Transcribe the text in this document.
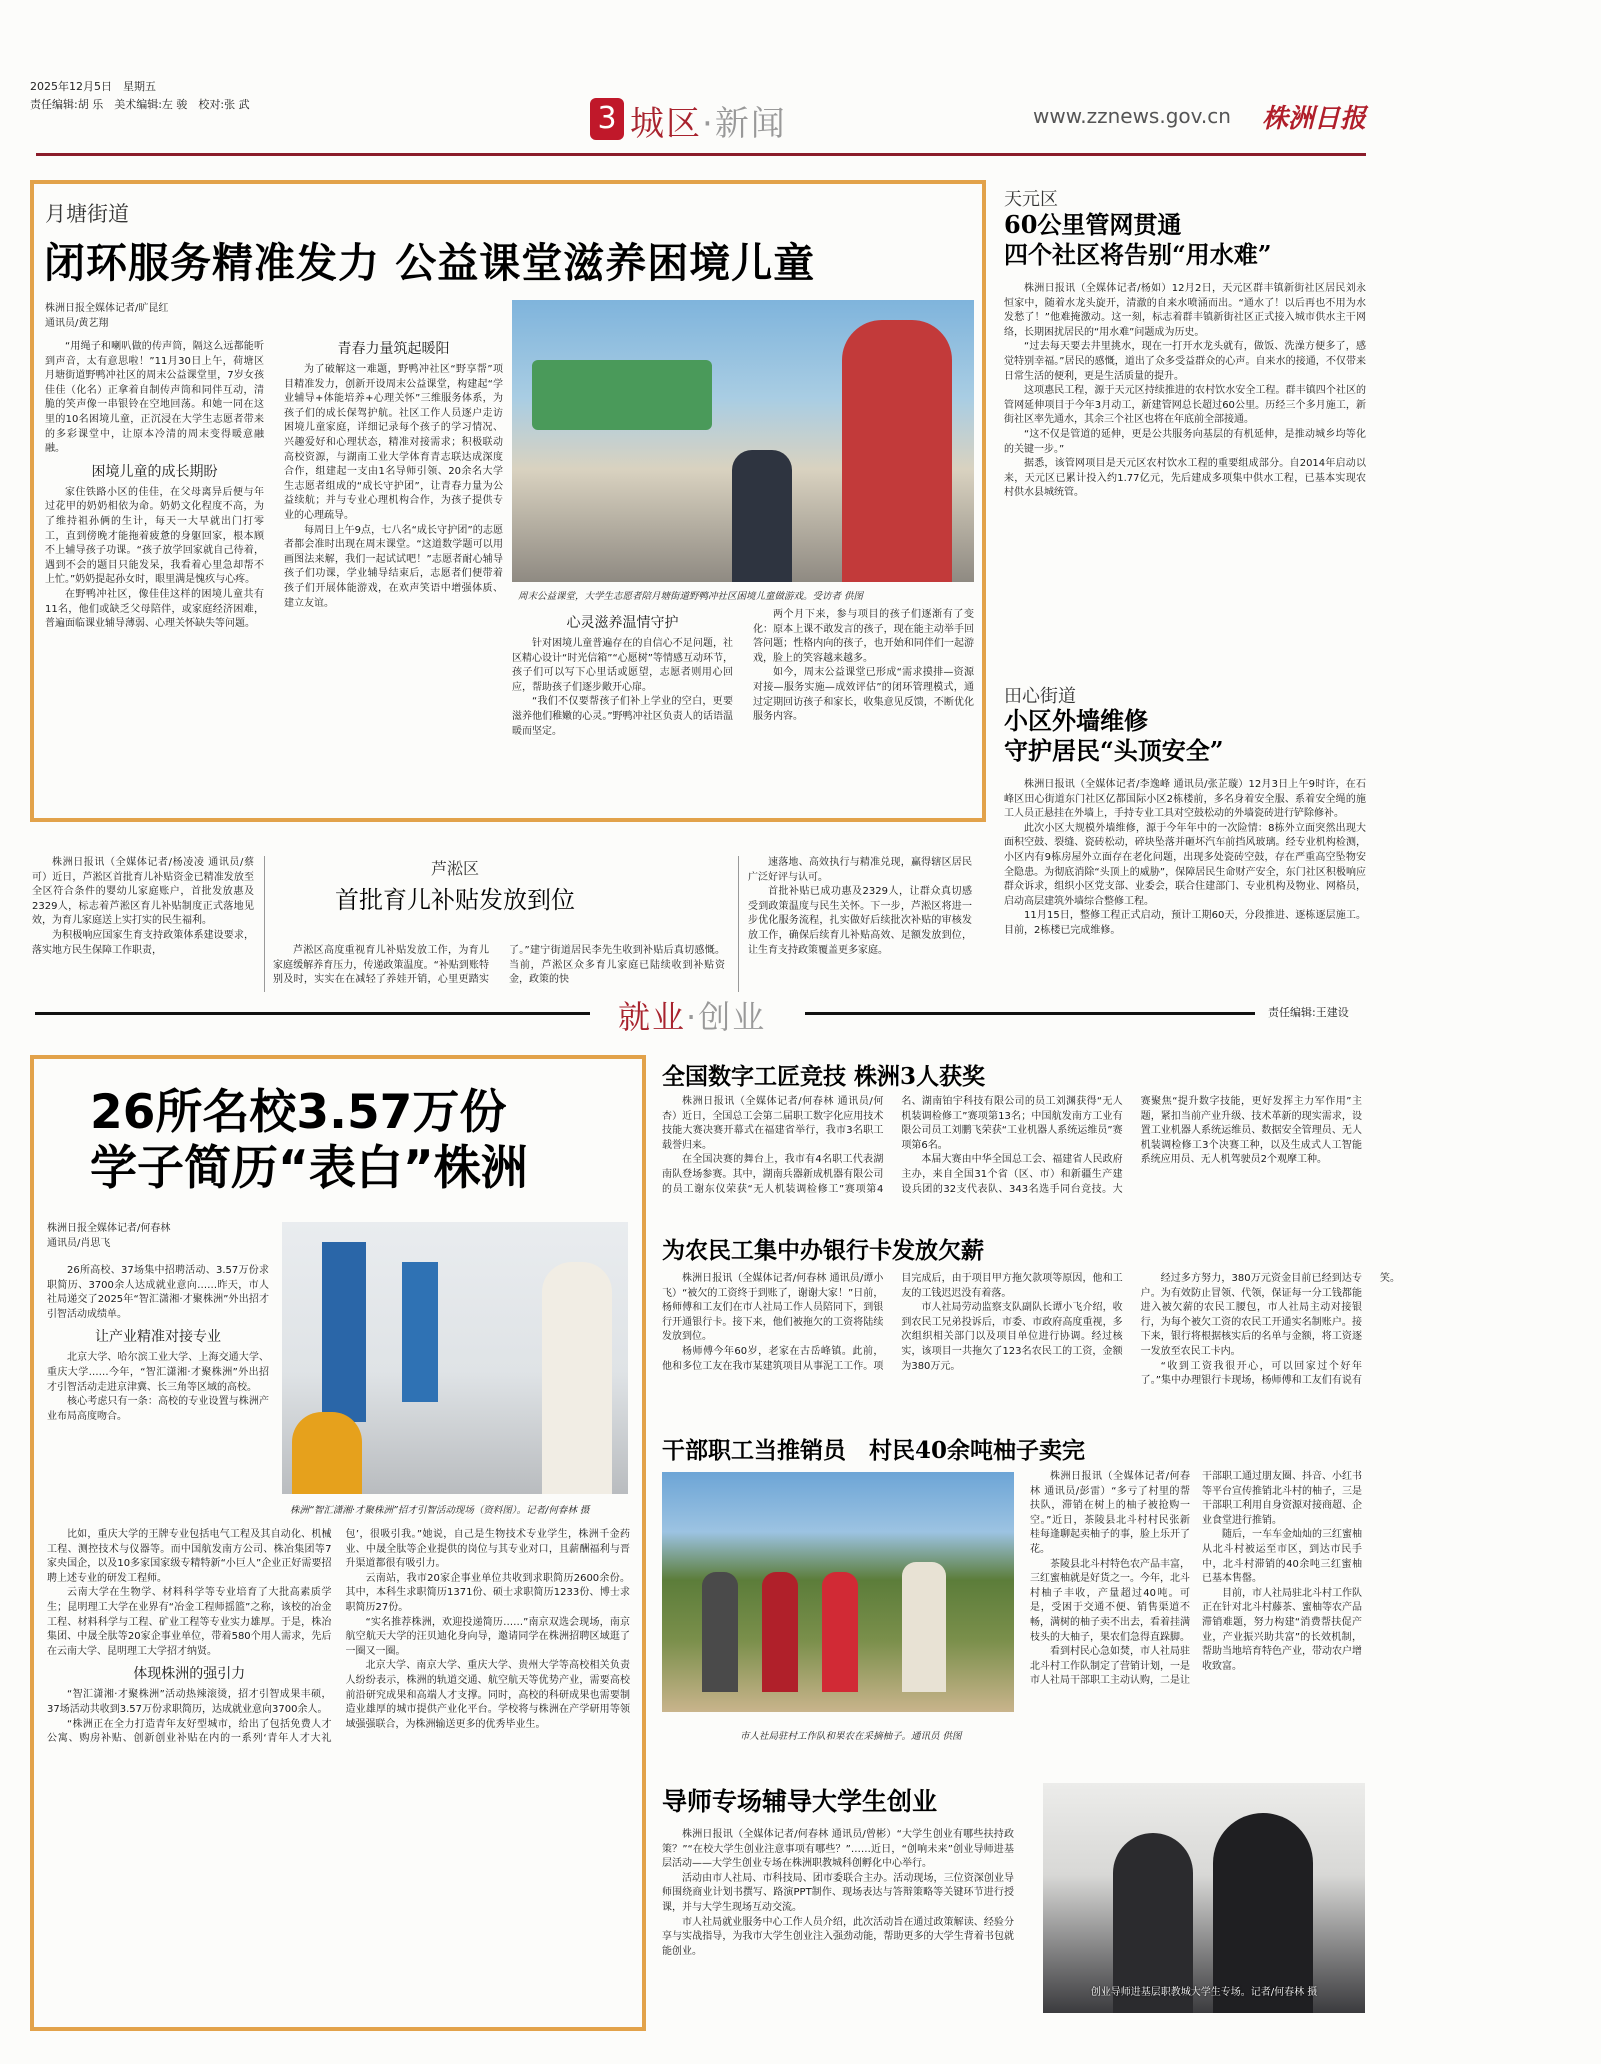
2025年12月5日　星期五
责任编辑:胡 乐　美术编辑:左 骏　校对:张 武	3 城区·新闻	www.zznews.gov.cn 株洲日报
月塘街道
闭环服务精准发力 公益课堂滋养困境儿童
株洲日报全媒体记者/旷昆红
通讯员/黄艺翔

“用绳子和喇叭做的传声筒，隔这么远都能听到声音，太有意思啦！”11月30日上午，荷塘区月塘街道野鸭冲社区的周末公益课堂里，7岁女孩佳佳（化名）正拿着自制传声筒和同伴互动，清脆的笑声像一串银铃在空地回荡。和她一同在这里的10名困境儿童，正沉浸在大学生志愿者带来的多彩课堂中，让原本冷清的周末变得暖意融融。

困境儿童的成长期盼

家住铁路小区的佳佳，在父母离异后便与年过花甲的奶奶相依为命。奶奶文化程度不高，为了维持祖孙俩的生计，每天一大早就出门打零工，直到傍晚才能拖着疲惫的身躯回家，根本顾不上辅导孩子功课。“孩子放学回家就自己待着，遇到不会的题目只能发呆，我看着心里急却帮不上忙。”奶奶提起孙女时，眼里满是愧疚与心疼。

在野鸭冲社区，像佳佳这样的困境儿童共有11名，他们或缺乏父母陪伴，或家庭经济困难，普遍面临课业辅导薄弱、心理关怀缺失等问题。

青春力量筑起暖阳

为了破解这一难题，野鸭冲社区“野享帮”项目精准发力，创新开设周末公益课堂，构建起“学业辅导+体能培养+心理关怀”三维服务体系，为孩子们的成长保驾护航。社区工作人员逐户走访困境儿童家庭，详细记录每个孩子的学习情况、兴趣爱好和心理状态，精准对接需求；积极联动高校资源，与湖南工业大学体育青志联达成深度合作，组建起一支由1名导师引领、20余名大学生志愿者组成的“成长守护团”，让青春力量为公益续航；并与专业心理机构合作，为孩子提供专业的心理疏导。

每周日上午9点，七八名“成长守护团”的志愿者都会准时出现在周末课堂。“这道数学题可以用画图法来解，我们一起试试吧！”志愿者耐心辅导孩子们功课，学业辅导结束后，志愿者们便带着孩子们开展体能游戏，在欢声笑语中增强体质、建立友谊。

周末公益课堂，大学生志愿者陪月塘街道野鸭冲社区困境儿童做游戏。受访者 供图
心灵滋养温情守护

针对困境儿童普遍存在的自信心不足问题，社区精心设计“时光信箱”“心愿树”等情感互动环节，孩子们可以写下心里话或愿望，志愿者则用心回应，帮助孩子们逐步敞开心扉。

“我们不仅要帮孩子们补上学业的空白，更要滋养他们稚嫩的心灵。”野鸭冲社区负责人的话语温暖而坚定。

两个月下来，参与项目的孩子们逐渐有了变化：原本上课不敢发言的孩子，现在能主动举手回答问题；性格内向的孩子，也开始和同伴们一起游戏，脸上的笑容越来越多。

如今，周末公益课堂已形成“需求摸排—资源对接—服务实施—成效评估”的闭环管理模式，通过定期回访孩子和家长，收集意见反馈，不断优化服务内容。

天元区
60公里管网贯通
四个社区将告别“用水难”

株洲日报讯（全媒体记者/杨如）12月2日，天元区群丰镇新街社区居民刘永恒家中，随着水龙头旋开，清澈的自来水喷涌而出。“通水了！以后再也不用为水发愁了！”他难掩激动。这一刻，标志着群丰镇新街社区正式接入城市供水主干网络，长期困扰居民的“用水难”问题成为历史。

“过去每天要去井里挑水，现在一打开水龙头就有，做饭、洗澡方便多了，感觉特别幸福。”居民的感慨，道出了众多受益群众的心声。自来水的接通，不仅带来日常生活的便利，更是生活质量的提升。

这项惠民工程，源于天元区持续推进的农村饮水安全工程。群丰镇四个社区的管网延伸项目于今年3月动工，新建管网总长超过60公里。历经三个多月施工，新街社区率先通水，其余三个社区也将在年底前全部接通。

“这不仅是管道的延伸，更是公共服务向基层的有机延伸，是推动城乡均等化的关键一步。”

据悉，该管网项目是天元区农村饮水工程的重要组成部分。自2014年启动以来，天元区已累计投入约1.77亿元，先后建成多项集中供水工程，已基本实现农村供水县城统管。

田心街道
小区外墙维修
守护居民“头顶安全”

株洲日报讯（全媒体记者/李逸峰 通讯员/张芷璇）12月3日上午9时许，在石峰区田心街道东门社区亿都国际小区2栋楼前，多名身着安全服、系着安全绳的施工人员正悬挂在外墙上，手持专业工具对空鼓松动的外墙瓷砖进行铲除修补。

此次小区大规模外墙维修，源于今年年中的一次险情：8栋外立面突然出现大面积空鼓、裂缝、瓷砖松动，碎块坠落并砸坏汽车前挡风玻璃。经专业机构检测，小区内有9栋房屋外立面存在老化问题，出现多处瓷砖空鼓，存在严重高空坠物安全隐患。为彻底消除“头顶上的威胁”，保障居民生命财产安全，东门社区积极响应群众诉求，组织小区党支部、业委会，联合住建部门、专业机构及物业、网格员，启动高层建筑外墙综合整修工程。

11月15日，整修工程正式启动，预计工期60天，分段推进、逐栋逐层施工。目前，2栋楼已完成维修。

株洲日报讯（全媒体记者/杨凌凌 通讯员/蔡可）近日，芦淞区首批育儿补贴资金已精准发放至全区符合条件的婴幼儿家庭账户，首批发放惠及2329人，标志着芦淞区育儿补贴制度正式落地见效，为育儿家庭送上实打实的民生福利。

为积极响应国家生育支持政策体系建设要求，落实地方民生保障工作职责，

芦淞区
首批育儿补贴发放到位

芦淞区高度重视育儿补贴发放工作，为育儿家庭缓解养育压力，传递政策温度。“补贴到账特别及时，实实在在减轻了养娃开销，心里更踏实了。”建宁街道居民李先生收到补贴后真切感慨。当前，芦淞区众多育儿家庭已陆续收到补贴资金，政策的快

速落地、高效执行与精准兑现，赢得辖区居民广泛好评与认可。

首批补贴已成功惠及2329人，让群众真切感受到政策温度与民生关怀。下一步，芦淞区将进一步优化服务流程，扎实做好后续批次补贴的审核发放工作，确保后续育儿补贴高效、足额发放到位，让生育支持政策覆盖更多家庭。

就业·创业	责任编辑:王建设
26所名校3.57万份
学子简历“表白”株洲
株洲日报全媒体记者/何春林
通讯员/肖思飞

26所高校、37场集中招聘活动、3.57万份求职简历、3700余人达成就业意向……昨天，市人社局递交了2025年“智汇潇湘·才聚株洲”外出招才引智活动成绩单。

让产业精准对接专业

北京大学、哈尔滨工业大学、上海交通大学、重庆大学……今年，“智汇潇湘·才聚株洲”外出招才引智活动走进京津冀、长三角等区域的高校。

核心考虑只有一条：高校的专业设置与株洲产业布局高度吻合。

株洲“智汇潇湘·才聚株洲”招才引智活动现场（资料图）。记者/何春林 摄

比如，重庆大学的王牌专业包括电气工程及其自动化、机械工程、测控技术与仪器等。而中国航发南方公司、株冶集团等7家央国企，以及10多家国家级专精特新“小巨人”企业正好需要招聘上述专业的研发工程师。

云南大学在生物学、材料科学等专业培育了大批高素质学生；昆明理工大学在业界有“冶金工程师摇篮”之称，该校的冶金工程、材料科学与工程、矿业工程等专业实力雄厚。于是，株冶集团、中晟全肽等20家企事业单位，带着580个用人需求，先后在云南大学、昆明理工大学招才纳贤。

体现株洲的强引力

“智汇潇湘·才聚株洲”活动热辣滚烫，招才引智成果丰硕，37场活动共收到3.57万份求职简历，达成就业意向3700余人。

“株洲正在全力打造青年友好型城市，给出了包括免费人才公寓、购房补贴、创新创业补贴在内的一系列‘青年人才大礼包’，很吸引我。”她说，自己是生物技术专业学生，株洲千金药业、中晟全肽等企业提供的岗位与其专业对口，且薪酬福利与晋升渠道都很有吸引力。

云南站，我市20家企事业单位共收到求职简历2600余份。其中，本科生求职简历1371份、硕士求职简历1233份、博士求职简历27份。

“实名推荐株洲，欢迎投递简历……”南京双选会现场，南京航空航天大学的汪贝迪化身向导，邀请同学在株洲招聘区域逛了一圈又一圈。

北京大学、南京大学、重庆大学、贵州大学等高校相关负责人纷纷表示，株洲的轨道交通、航空航天等优势产业，需要高校前沿研究成果和高端人才支撑。同时，高校的科研成果也需要制造业雄厚的城市提供产业化平台。学校将与株洲在产学研用等领域强强联合，为株洲输送更多的优秀毕业生。

全国数字工匠竞技 株洲3人获奖

株洲日报讯（全媒体记者/何春林 通讯员/何杏）近日，全国总工会第二届职工数字化应用技术技能大赛决赛开幕式在福建省举行，我市3名职工载誉归来。

在全国决赛的舞台上，我市有4名职工代表湖南队登场参赛。其中，湖南兵器新成机器有限公司的员工谢东仪荣获“无人机装调检修工”赛项第4名、湖南铂宇科技有限公司的员工刘渊获得“无人机装调检修工”赛项第13名；中国航发南方工业有限公司员工刘鹏飞荣获“工业机器人系统运维员”赛项第6名。

本届大赛由中华全国总工会、福建省人民政府主办，来自全国31个省（区、市）和新疆生产建设兵团的32支代表队、343名选手同台竞技。大赛聚焦“提升数字技能，更好发挥主力军作用”主题，紧扣当前产业升级、技术革新的现实需求，设置工业机器人系统运维员、数据安全管理员、无人机装调检修工3个决赛工种，以及生成式人工智能系统应用员、无人机驾驶员2个观摩工种。

为农民工集中办银行卡发放欠薪

株洲日报讯（全媒体记者/何春林 通讯员/谭小飞）“被欠的工资终于到账了，谢谢大家！”日前，杨师傅和工友们在市人社局工作人员陪同下，到银行开通银行卡。接下来，他们被拖欠的工资将陆续发放到位。

杨师傅今年60岁，老家在古岳峰镇。此前，他和多位工友在我市某建筑项目从事泥工工作。项目完成后，由于项目甲方拖欠款项等原因，他和工友的工钱迟迟没有着落。

市人社局劳动监察支队副队长谭小飞介绍，收到农民工兄弟投诉后，市委、市政府高度重视，多次组织相关部门以及项目单位进行协调。经过核实，该项目一共拖欠了123名农民工的工资，金额为380万元。

经过多方努力，380万元资金目前已经到达专户。为有效防止冒领、代领，保证每一分工钱都能进入被欠薪的农民工腰包，市人社局主动对接银行，为每个被欠工资的农民工开通实名制账户。接下来，银行将根据核实后的名单与金额，将工资逐一发放至农民工卡内。

“收到工资我很开心，可以回家过个好年了。”集中办理银行卡现场，杨师傅和工友们有说有笑。

干部职工当推销员　村民40余吨柚子卖完
市人社局驻村工作队和果农在采摘柚子。通讯员 供图

株洲日报讯（全媒体记者/何春林 通讯员/彭雷）“多亏了村里的帮扶队，滞销在树上的柚子被抢购一空。”近日，茶陵县北斗村村民张新桂每逢聊起卖柚子的事，脸上乐开了花。

茶陵县北斗村特色农产品丰富，三红蜜柚就是好货之一。今年，北斗村柚子丰收，产量超过40吨。可是，受困于交通不便、销售渠道不畅，满树的柚子卖不出去，看着挂满枝头的大柚子，果农们急得直跺脚。

看到村民心急如焚，市人社局驻北斗村工作队制定了营销计划，一是市人社局干部职工主动认购，二是让干部职工通过朋友圈、抖音、小红书等平台宣传推销北斗村的柚子，三是干部职工利用自身资源对接商超、企业食堂进行推销。

随后，一车车金灿灿的三红蜜柚从北斗村被运至市区，到达市民手中，北斗村滞销的40余吨三红蜜柚已基本售罄。

目前，市人社局驻北斗村工作队正在针对北斗村藤茶、蜜柚等农产品滞销难题，努力构建“消费帮扶促产业，产业振兴助共富”的长效机制，帮助当地培育特色产业，带动农户增收致富。

导师专场辅导大学生创业

株洲日报讯（全媒体记者/何春林 通讯员/曾彬）“大学生创业有哪些扶持政策？”“在校大学生创业注意事项有哪些？”……近日，“创响未来”创业导师进基层活动——大学生创业专场在株洲职教城科创孵化中心举行。

活动由市人社局、市科技局、团市委联合主办。活动现场，三位资深创业导师围绕商业计划书撰写、路演PPT制作、现场表达与答辩策略等关键环节进行授课，并与大学生现场互动交流。

市人社局就业服务中心工作人员介绍，此次活动旨在通过政策解读、经验分享与实战指导，为我市大学生创业注入强劲动能，帮助更多的大学生背着书包就能创业。

创业导师进基层职教城大学生专场。记者/何春林 摄
